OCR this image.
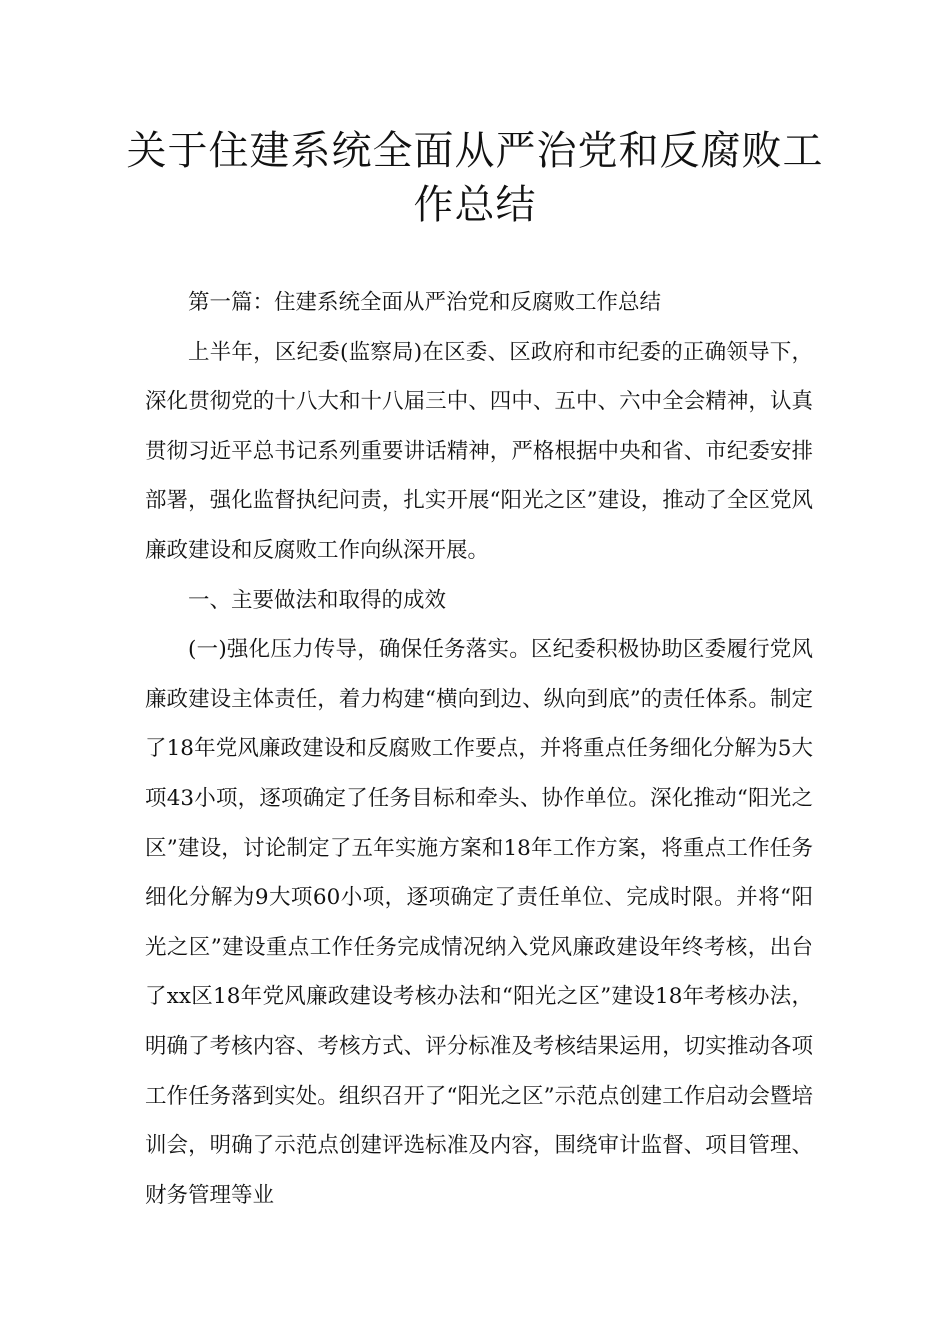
关于住建系统全面从严治党和反腐败工
作总结

第一篇：住建系统全面从严治党和反腐败工作总结

上半年，区纪委(监察局)在区委、区政府和市纪委的正确领导下，深化贯彻党的十八大和十八届三中、四中、五中、六中全会精神，认真贯彻习近平总书记系列重要讲话精神，严格根据中央和省、市纪委安排部署，强化监督执纪问责，扎实开展“阳光之区”建设，推动了全区党风廉政建设和反腐败工作向纵深开展。

一、主要做法和取得的成效

(一)强化压力传导，确保任务落实。区纪委积极协助区委履行党风廉政建设主体责任，着力构建“横向到边、纵向到底”的责任体系。制定了18年党风廉政建设和反腐败工作要点，并将重点任务细化分解为5大项43小项，逐项确定了任务目标和牵头、协作单位。深化推动“阳光之区”建设，讨论制定了五年实施方案和18年工作方案，将重点工作任务细化分解为9大项60小项，逐项确定了责任单位、完成时限。并将“阳光之区”建设重点工作任务完成情况纳入党风廉政建设年终考核，出台了xx区18年党风廉政建设考核办法和“阳光之区”建设18年考核办法，明确了考核内容、考核方式、评分标准及考核结果运用，切实推动各项工作任务落到实处。组织召开了“阳光之区”示范点创建工作启动会暨培训会，明确了示范点创建评选标准及内容，围绕审计监督、项目管理、财务管理等业
